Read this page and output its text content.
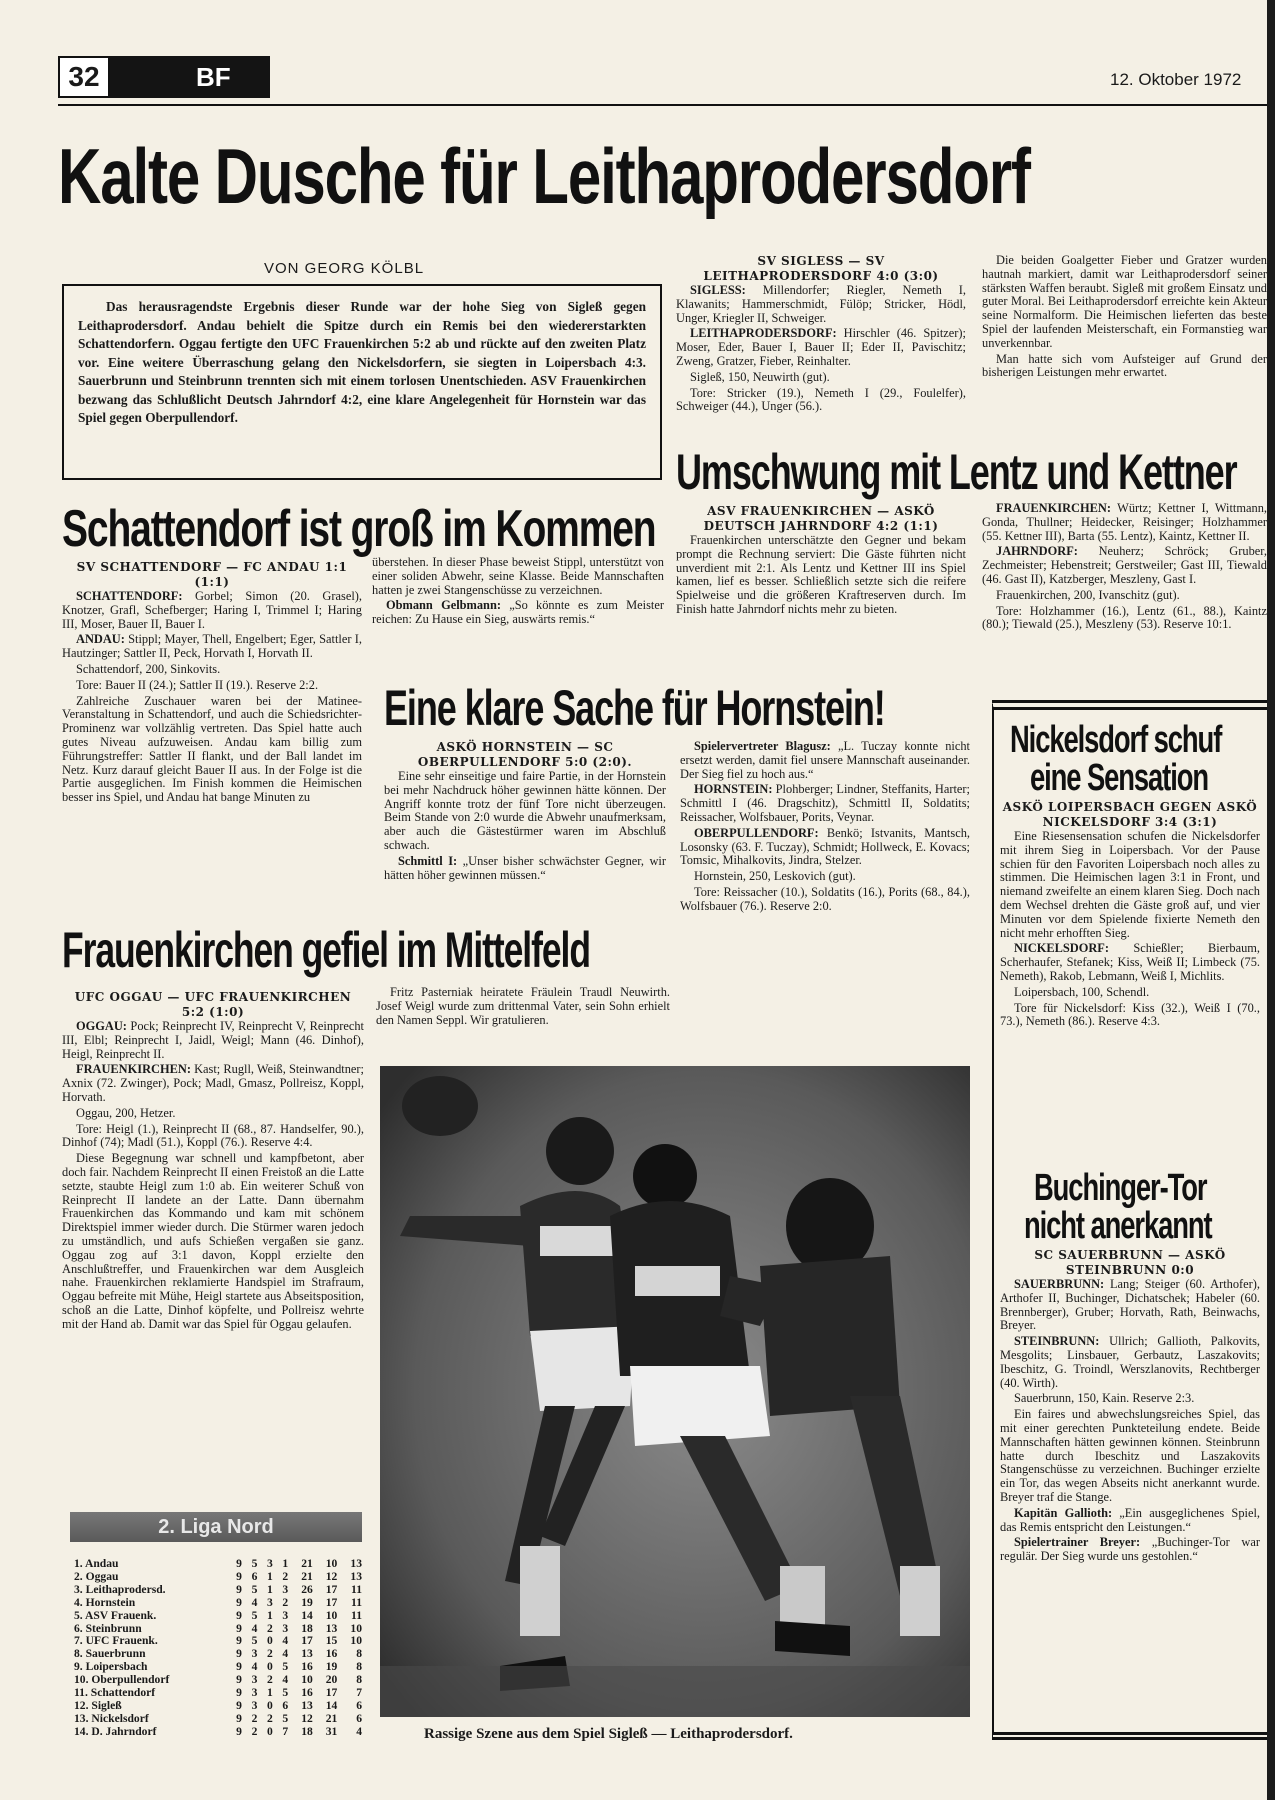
32	BF	12. Oktober 1972
Kalte Dusche für Leithaprodersdorf
VON GEORG KÖLBL
Das herausragendste Ergebnis dieser Runde war der hohe Sieg von Sigleß gegen Leithaprodersdorf. Andau behielt die Spitze durch ein Remis bei den wiedererstarkten Schattendorfern. Oggau fertigte den UFC Frauenkirchen 5:2 ab und rückte auf den zweiten Platz vor. Eine weitere Überraschung gelang den Nickelsdorfern, sie siegten in Loipersbach 4:3. Sauerbrunn und Steinbrunn trennten sich mit einem torlosen Unentschieden. ASV Frauenkirchen bezwang das Schlußlicht Deutsch Jahrndorf 4:2, eine klare Angelegenheit für Hornstein war das Spiel gegen Oberpullendorf.
SV SIGLESS — SV LEITHAPRODERSDORF 4:0 (3:0)

SIGLESS: Millendorfer; Riegler, Nemeth I, Klawanits; Hammerschmidt, Fülöp; Stricker, Hödl, Unger, Kriegler II, Schweiger.

LEITHAPRODERSDORF: Hirschler (46. Spitzer); Moser, Eder, Bauer I, Bauer II; Eder II, Pavischitz; Zweng, Gratzer, Fieber, Reinhalter.

Sigleß, 150, Neuwirth (gut).

Tore: Stricker (19.), Nemeth I (29., Foulelfer), Schweiger (44.), Unger (56.).

Die beiden Goalgetter Fieber und Gratzer wurden hautnah markiert, damit war Leithaprodersdorf seiner stärksten Waffen beraubt. Sigleß mit großem Einsatz und guter Moral. Bei Leithaprodersdorf erreichte kein Akteur seine Normalform. Die Heimischen lieferten das beste Spiel der laufenden Meisterschaft, ein Formanstieg war unverkennbar.

Man hatte sich vom Aufsteiger auf Grund der bisherigen Leistungen mehr erwartet.

Umschwung mit Lentz und Kettner
ASV FRAUENKIRCHEN — ASKÖ DEUTSCH JAHRNDORF 4:2 (1:1)

Frauenkirchen unterschätzte den Gegner und bekam prompt die Rechnung serviert: Die Gäste führten nicht unverdient mit 2:1. Als Lentz und Kettner III ins Spiel kamen, lief es besser. Schließlich setzte sich die reifere Spielweise und die größeren Kraftreserven durch. Im Finish hatte Jahrndorf nichts mehr zu bieten.

FRAUENKIRCHEN: Würtz; Kettner I, Wittmann, Gonda, Thullner; Heidecker, Reisinger; Holzhammer (55. Kettner III), Barta (55. Lentz), Kaintz, Kettner II.

JAHRNDORF: Neuherz; Schröck; Gruber, Zechmeister; Hebenstreit; Gerstweiler; Gast III, Tiewald (46. Gast II), Katzberger, Meszleny, Gast I.

Frauenkirchen, 200, Ivanschitz (gut).

Tore: Holzhammer (16.), Lentz (61., 88.), Kaintz (80.); Tiewald (25.), Meszleny (53). Reserve 10:1.

Schattendorf ist groß im Kommen
SV SCHATTENDORF — FC ANDAU 1:1 (1:1)

SCHATTENDORF: Gorbel; Simon (20. Grasel), Knotzer, Grafl, Schefberger; Haring I, Trimmel I; Haring III, Moser, Bauer II, Bauer I.

ANDAU: Stippl; Mayer, Thell, Engelbert; Eger, Sattler I, Hautzinger; Sattler II, Peck, Horvath I, Horvath II.

Schattendorf, 200, Sinkovits.

Tore: Bauer II (24.); Sattler II (19.). Reserve 2:2.

Zahlreiche Zuschauer waren bei der Matinee-Veranstaltung in Schattendorf, und auch die Schiedsrichter-Prominenz war vollzählig vertreten. Das Spiel hatte auch gutes Niveau aufzuweisen. Andau kam billig zum Führungstreffer: Sattler II flankt, und der Ball landet im Netz. Kurz darauf gleicht Bauer II aus. In der Folge ist die Partie ausgeglichen. Im Finish kommen die Heimischen besser ins Spiel, und Andau hat bange Minuten zu

überstehen. In dieser Phase beweist Stippl, unterstützt von einer soliden Abwehr, seine Klasse. Beide Mannschaften hatten je zwei Stangenschüsse zu verzeichnen.

Obmann Gelbmann: „So könnte es zum Meister reichen: Zu Hause ein Sieg, auswärts remis.“

Eine klare Sache für Hornstein!
ASKÖ HORNSTEIN — SC OBERPULLENDORF 5:0 (2:0).

Eine sehr einseitige und faire Partie, in der Hornstein bei mehr Nachdruck höher gewinnen hätte können. Der Angriff konnte trotz der fünf Tore nicht überzeugen. Beim Stande von 2:0 wurde die Abwehr unaufmerksam, aber auch die Gästestürmer waren im Abschluß schwach.

Schmittl I: „Unser bisher schwächster Gegner, wir hätten höher gewinnen müssen.“

Spielervertreter Blagusz: „L. Tuczay konnte nicht ersetzt werden, damit fiel unsere Mannschaft auseinander. Der Sieg fiel zu hoch aus.“

HORNSTEIN: Plohberger; Lindner, Steffanits, Harter; Schmittl I (46. Dragschitz), Schmittl II, Soldatits; Reissacher, Wolfsbauer, Porits, Veynar.

OBERPULLENDORF: Benkö; Istvanits, Mantsch, Losonsky (63. F. Tuczay), Schmidt; Hollweck, E. Kovacs; Tomsic, Mihalkovits, Jindra, Stelzer.

Hornstein, 250, Leskovich (gut).

Tore: Reissacher (10.), Soldatits (16.), Porits (68., 84.), Wolfsbauer (76.). Reserve 2:0.

Frauenkirchen gefiel im Mittelfeld
UFC OGGAU — UFC FRAUENKIRCHEN 5:2 (1:0)

OGGAU: Pock; Reinprecht IV, Reinprecht V, Reinprecht III, Elbl; Reinprecht I, Jaidl, Weigl; Mann (46. Dinhof), Heigl, Reinprecht II.

FRAUENKIRCHEN: Kast; Rugll, Weiß, Steinwandtner; Axnix (72. Zwinger), Pock; Madl, Gmasz, Pollreisz, Koppl, Horvath.

Oggau, 200, Hetzer.

Tore: Heigl (1.), Reinprecht II (68., 87. Handselfer, 90.), Dinhof (74); Madl (51.), Koppl (76.). Reserve 4:4.

Diese Begegnung war schnell und kampfbetont, aber doch fair. Nachdem Reinprecht II einen Freistoß an die Latte setzte, staubte Heigl zum 1:0 ab. Ein weiterer Schuß von Reinprecht II landete an der Latte. Dann übernahm Frauenkirchen das Kommando und kam mit schönem Direktspiel immer wieder durch. Die Stürmer waren jedoch zu umständlich, und aufs Schießen vergaßen sie ganz. Oggau zog auf 3:1 davon, Koppl erzielte den Anschlußtreffer, und Frauenkirchen war dem Ausgleich nahe. Frauenkirchen reklamierte Handspiel im Strafraum, Oggau befreite mit Mühe, Heigl startete aus Abseitsposition, schoß an die Latte, Dinhof köpfelte, und Pollreisz wehrte mit der Hand ab. Damit war das Spiel für Oggau gelaufen.

Fritz Pasterniak heiratete Fräulein Traudl Neuwirth. Josef Weigl wurde zum drittenmal Vater, sein Sohn erhielt den Namen Seppl. Wir gratulieren.

2. Liga Nord
1. Andau	9	5	3	1	21	10	13
2. Oggau	9	6	1	2	21	12	13
3. Leithaprodersd.	9	5	1	3	26	17	11
4. Hornstein	9	4	3	2	19	17	11
5. ASV Frauenk.	9	5	1	3	14	10	11
6. Steinbrunn	9	4	2	3	18	13	10
7. UFC Frauenk.	9	5	0	4	17	15	10
8. Sauerbrunn	9	3	2	4	13	16	8
9. Loipersbach	9	4	0	5	16	19	8
10. Oberpullendorf	9	3	2	4	10	20	8
11. Schattendorf	9	3	1	5	16	17	7
12. Sigleß	9	3	0	6	13	14	6
13. Nickelsdorf	9	2	2	5	12	21	6
14. D. Jahrndorf	9	2	0	7	18	31	4	Rassige Szene aus dem Spiel Sigleß — Leithaprodersdorf.
Nickelsdorf schuf
eine Sensation
ASKÖ LOIPERSBACH GEGEN ASKÖ NICKELSDORF 3:4 (3:1)

Eine Riesensensation schufen die Nickelsdorfer mit ihrem Sieg in Loipersbach. Vor der Pause schien für den Favoriten Loipersbach noch alles zu stimmen. Die Heimischen lagen 3:1 in Front, und niemand zweifelte an einem klaren Sieg. Doch nach dem Wechsel drehten die Gäste groß auf, und vier Minuten vor dem Spielende fixierte Nemeth den nicht mehr erhofften Sieg.

NICKELSDORF: Schießler; Bierbaum, Scherhaufer, Stefanek; Kiss, Weiß II; Limbeck (75. Nemeth), Rakob, Lebmann, Weiß I, Michlits.

Loipersbach, 100, Schendl.

Tore für Nickelsdorf: Kiss (32.), Weiß I (70., 73.), Nemeth (86.). Reserve 4:3.

Buchinger-Tor
nicht anerkannt
SC SAUERBRUNN — ASKÖ STEINBRUNN 0:0

SAUERBRUNN: Lang; Steiger (60. Arthofer), Arthofer II, Buchinger, Dichatschek; Habeler (60. Brennberger), Gruber; Horvath, Rath, Beinwachs, Breyer.

STEINBRUNN: Ullrich; Gallioth, Palkovits, Mesgolits; Linsbauer, Gerbautz, Laszakovits; Ibeschitz, G. Troindl, Werszlanovits, Rechtberger (40. Wirth).

Sauerbrunn, 150, Kain. Reserve 2:3.

Ein faires und abwechslungsreiches Spiel, das mit einer gerechten Punkteteilung endete. Beide Mannschaften hätten gewinnen können. Steinbrunn hatte durch Ibeschitz und Laszakovits Stangenschüsse zu verzeichnen. Buchinger erzielte ein Tor, das wegen Abseits nicht anerkannt wurde. Breyer traf die Stange.

Kapitän Gallioth: „Ein ausgeglichenes Spiel, das Remis entspricht den Leistungen.“

Spielertrainer Breyer: „Buchinger-Tor war regulär. Der Sieg wurde uns gestohlen.“
